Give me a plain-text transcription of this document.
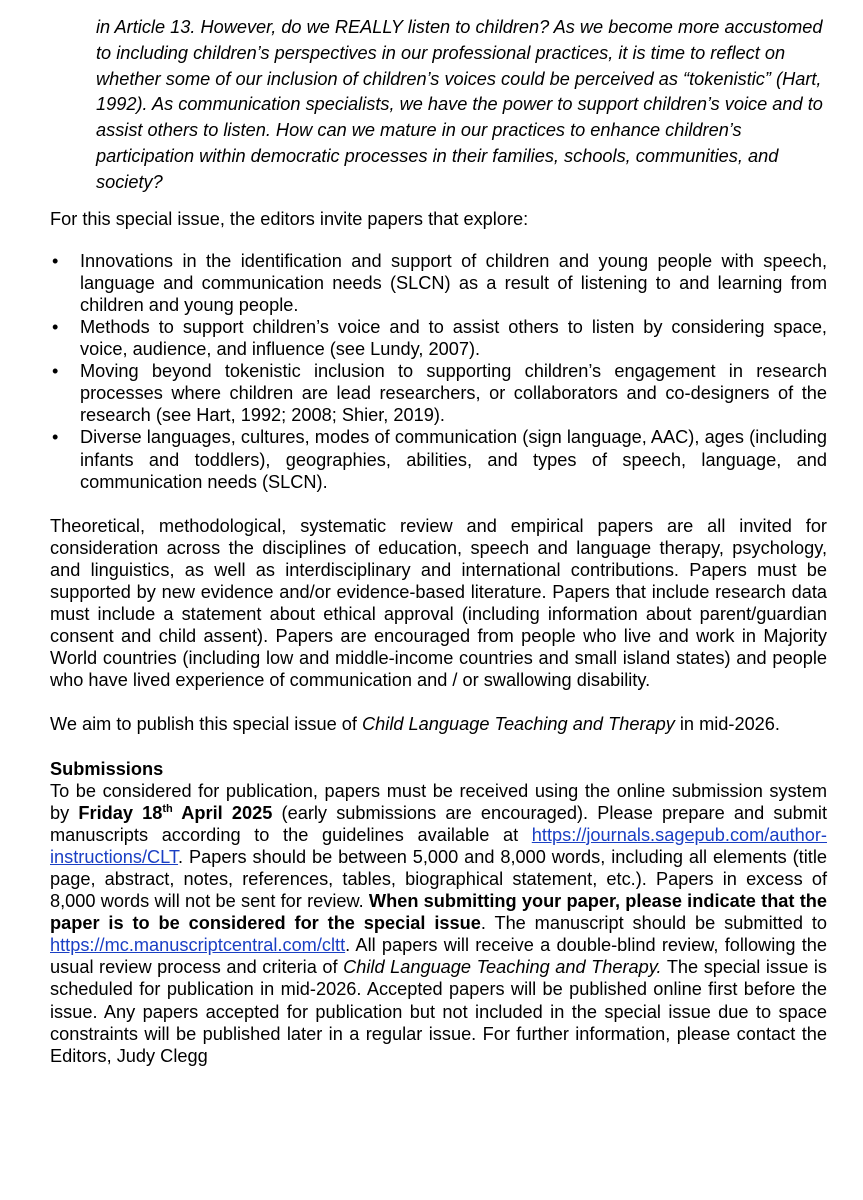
in Article 13. However, do we REALLY listen to children? As we become more accustomed to including children’s perspectives in our professional practices, it is time to reflect on whether some of our inclusion of children’s voices could be perceived as “tokenistic” (Hart, 1992). As communication specialists, we have the power to support children’s voice and to assist others to listen. How can we mature in our practices to enhance children’s participation within democratic processes in their families, schools, communities, and society?

For this special issue, the editors invite papers that explore:

• Innovations in the identification and support of children and young people with speech, language and communication needs (SLCN) as a result of listening to and learning from children and young people.
• Methods to support children’s voice and to assist others to listen by considering space, voice, audience, and influence (see Lundy, 2007).
• Moving beyond tokenistic inclusion to supporting children’s engagement in research processes where children are lead researchers, or collaborators and co-designers of the research (see Hart, 1992; 2008; Shier, 2019).
• Diverse languages, cultures, modes of communication (sign language, AAC), ages (including infants and toddlers), geographies, abilities, and types of speech, language, and communication needs (SLCN).

Theoretical, methodological, systematic review and empirical papers are all invited for consideration across the disciplines of education, speech and language therapy, psychology, and linguistics, as well as interdisciplinary and international contributions. Papers must be supported by new evidence and/or evidence-based literature. Papers that include research data must include a statement about ethical approval (including information about parent/guardian consent and child assent). Papers are encouraged from people who live and work in Majority World countries (including low and middle-income countries and small island states) and people who have lived experience of communication and / or swallowing disability.

We aim to publish this special issue of Child Language Teaching and Therapy in mid-2026.

Submissions

To be considered for publication, papers must be received using the online submission system by Friday 18th April 2025 (early submissions are encouraged). Please prepare and submit manuscripts according to the guidelines available at https://journals.sagepub.com/author-instructions/CLT. Papers should be between 5,000 and 8,000 words, including all elements (title page, abstract, notes, references, tables, biographical statement, etc.). Papers in excess of 8,000 words will not be sent for review. When submitting your paper, please indicate that the paper is to be considered for the special issue. The manuscript should be submitted to https://mc.manuscriptcentral.com/cltt. All papers will receive a double-blind review, following the usual review process and criteria of Child Language Teaching and Therapy. The special issue is scheduled for publication in mid-2026. Accepted papers will be published online first before the issue. Any papers accepted for publication but not included in the special issue due to space constraints will be published later in a regular issue. For further information, please contact the Editors, Judy Clegg
